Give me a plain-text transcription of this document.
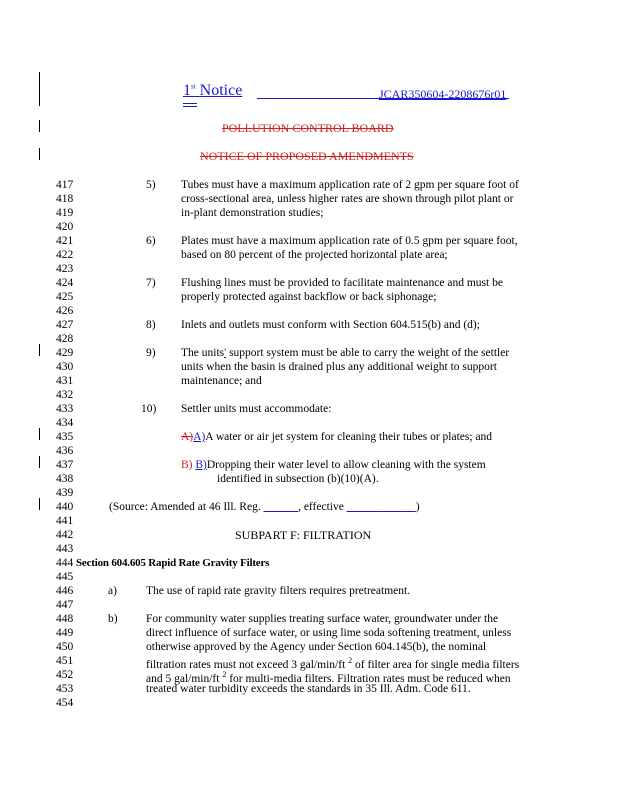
1st Notice	JCAR350604-2208676r01
POLLUTION CONTROL BOARD
NOTICE OF PROPOSED AMENDMENTS
417
418
419
420
421
422
423
424
425
426
427
428
429
430
431
432
433
434
435
436
437
438
439
440
441
442
443
444
445
446
447
448
449
450
451
452
453
454
5) Tubes must have a maximum application rate of 2 gpm per square foot of
cross-sectional area, unless higher rates are shown through pilot plant or
in-plant demonstration studies;
6) Plates must have a maximum application rate of 0.5 gpm per square foot,
based on 80 percent of the projected horizontal plate area;
7) Flushing lines must be provided to facilitate maintenance and must be
properly protected against backflow or back siphonage;
8) Inlets and outlets must conform with Section 604.515(b) and (d);
9) The units' support system must be able to carry the weight of the settler
units when the basin is drained plus any additional weight to support
maintenance; and
10) Settler units must accommodate:
A)A)A water or air jet system for cleaning their tubes or plates; and
B) B)Dropping their water level to allow cleaning with the system
identified in subsection (b)(10)(A).
(Source: Amended at 46 Ill. Reg. ______, effective ____________)
SUBPART F: FILTRATION
Section 604.605 Rapid Rate Gravity Filters
a)	The use of rapid rate gravity filters requires pretreatment.
b) For community water supplies treating surface water, groundwater under the
direct influence of surface water, or using lime soda softening treatment, unless
otherwise approved by the Agency under Section 604.145(b), the nominal
filtration rates must not exceed 3 gal/min/ft $^2$ of filter area for single media filters
and 5 gal/min/ft $^2$ for multi-media filters. Filtration rates must be reduced when
treated water turbidity exceeds the standards in 35 Ill. Adm. Code 611.
